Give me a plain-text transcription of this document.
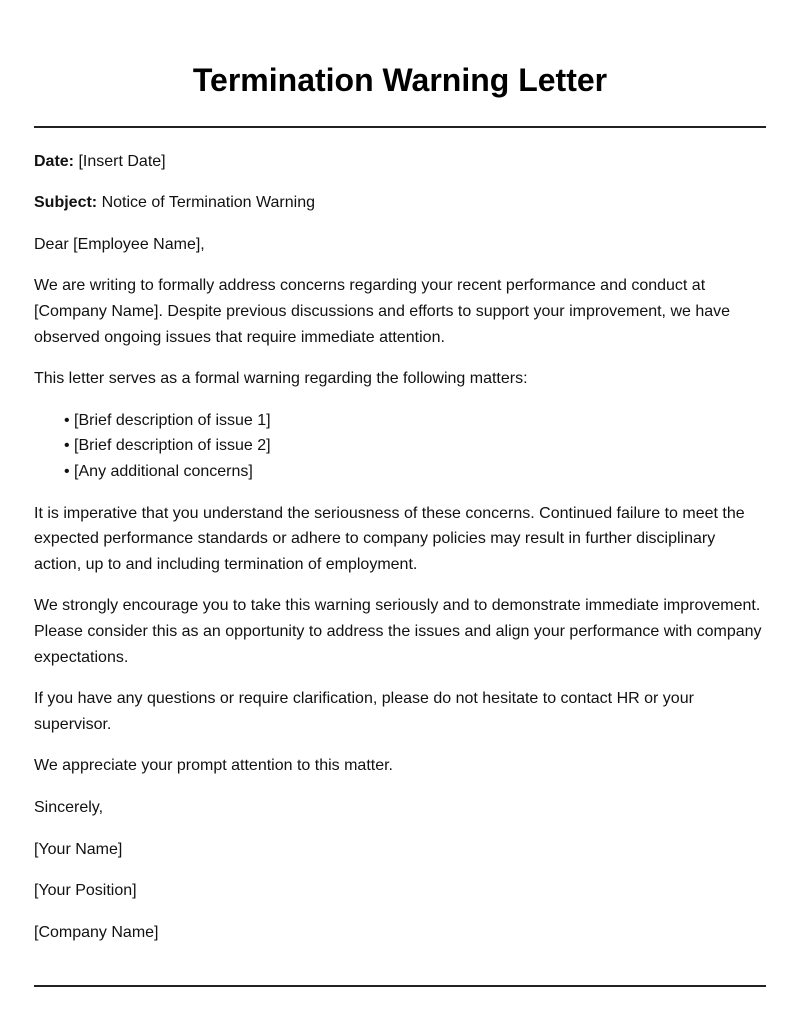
Termination Warning Letter
Date: [Insert Date]
Subject: Notice of Termination Warning
Dear [Employee Name],
We are writing to formally address concerns regarding your recent performance and conduct at
[Company Name]. Despite previous discussions and efforts to support your improvement, we have
observed ongoing issues that require immediate attention.
This letter serves as a formal warning regarding the following matters:
• [Brief description of issue 1]
• [Brief description of issue 2]
• [Any additional concerns]
It is imperative that you understand the seriousness of these concerns. Continued failure to meet the
expected performance standards or adhere to company policies may result in further disciplinary
action, up to and including termination of employment.
We strongly encourage you to take this warning seriously and to demonstrate immediate improvement.
Please consider this as an opportunity to address the issues and align your performance with company
expectations.
If you have any questions or require clarification, please do not hesitate to contact HR or your
supervisor.
We appreciate your prompt attention to this matter.
Sincerely,
[Your Name]
[Your Position]
[Company Name]
